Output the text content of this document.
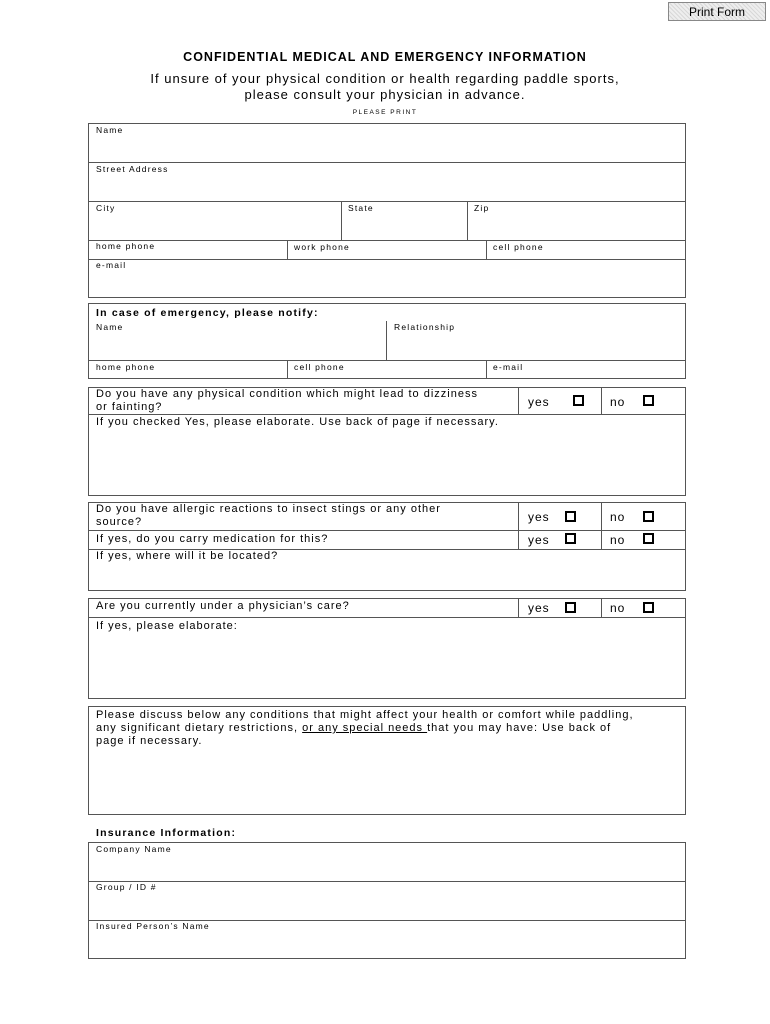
Print Form
CONFIDENTIAL MEDICAL AND EMERGENCY INFORMATION
If unsure of your physical condition or health regarding paddle sports,
please consult your physician in advance.
PLEASE PRINT
Name
Street Address
City	State	Zip
home phone	work phone	cell phone
e-mail
In case of emergency, please notify:
Name	Relationship
home phone	cell phone	e-mail
Do you have any physical condition which might lead to dizziness
or fainting?	yes	no
If you checked Yes, please elaborate. Use back of page if necessary.
Do you have allergic reactions to insect stings or any other
source?	yes	no
If yes, do you carry medication for this?	yes	no
If yes, where will it be located?
Are you currently under a physician’s care?	yes	no
If yes, please elaborate:
Please discuss below any conditions that might affect your health or comfort while paddling,
any significant dietary restrictions, or any special needs that you may have: Use back of
page if necessary.
Insurance Information:
Company Name
Group / ID #
Insured Person’s Name
